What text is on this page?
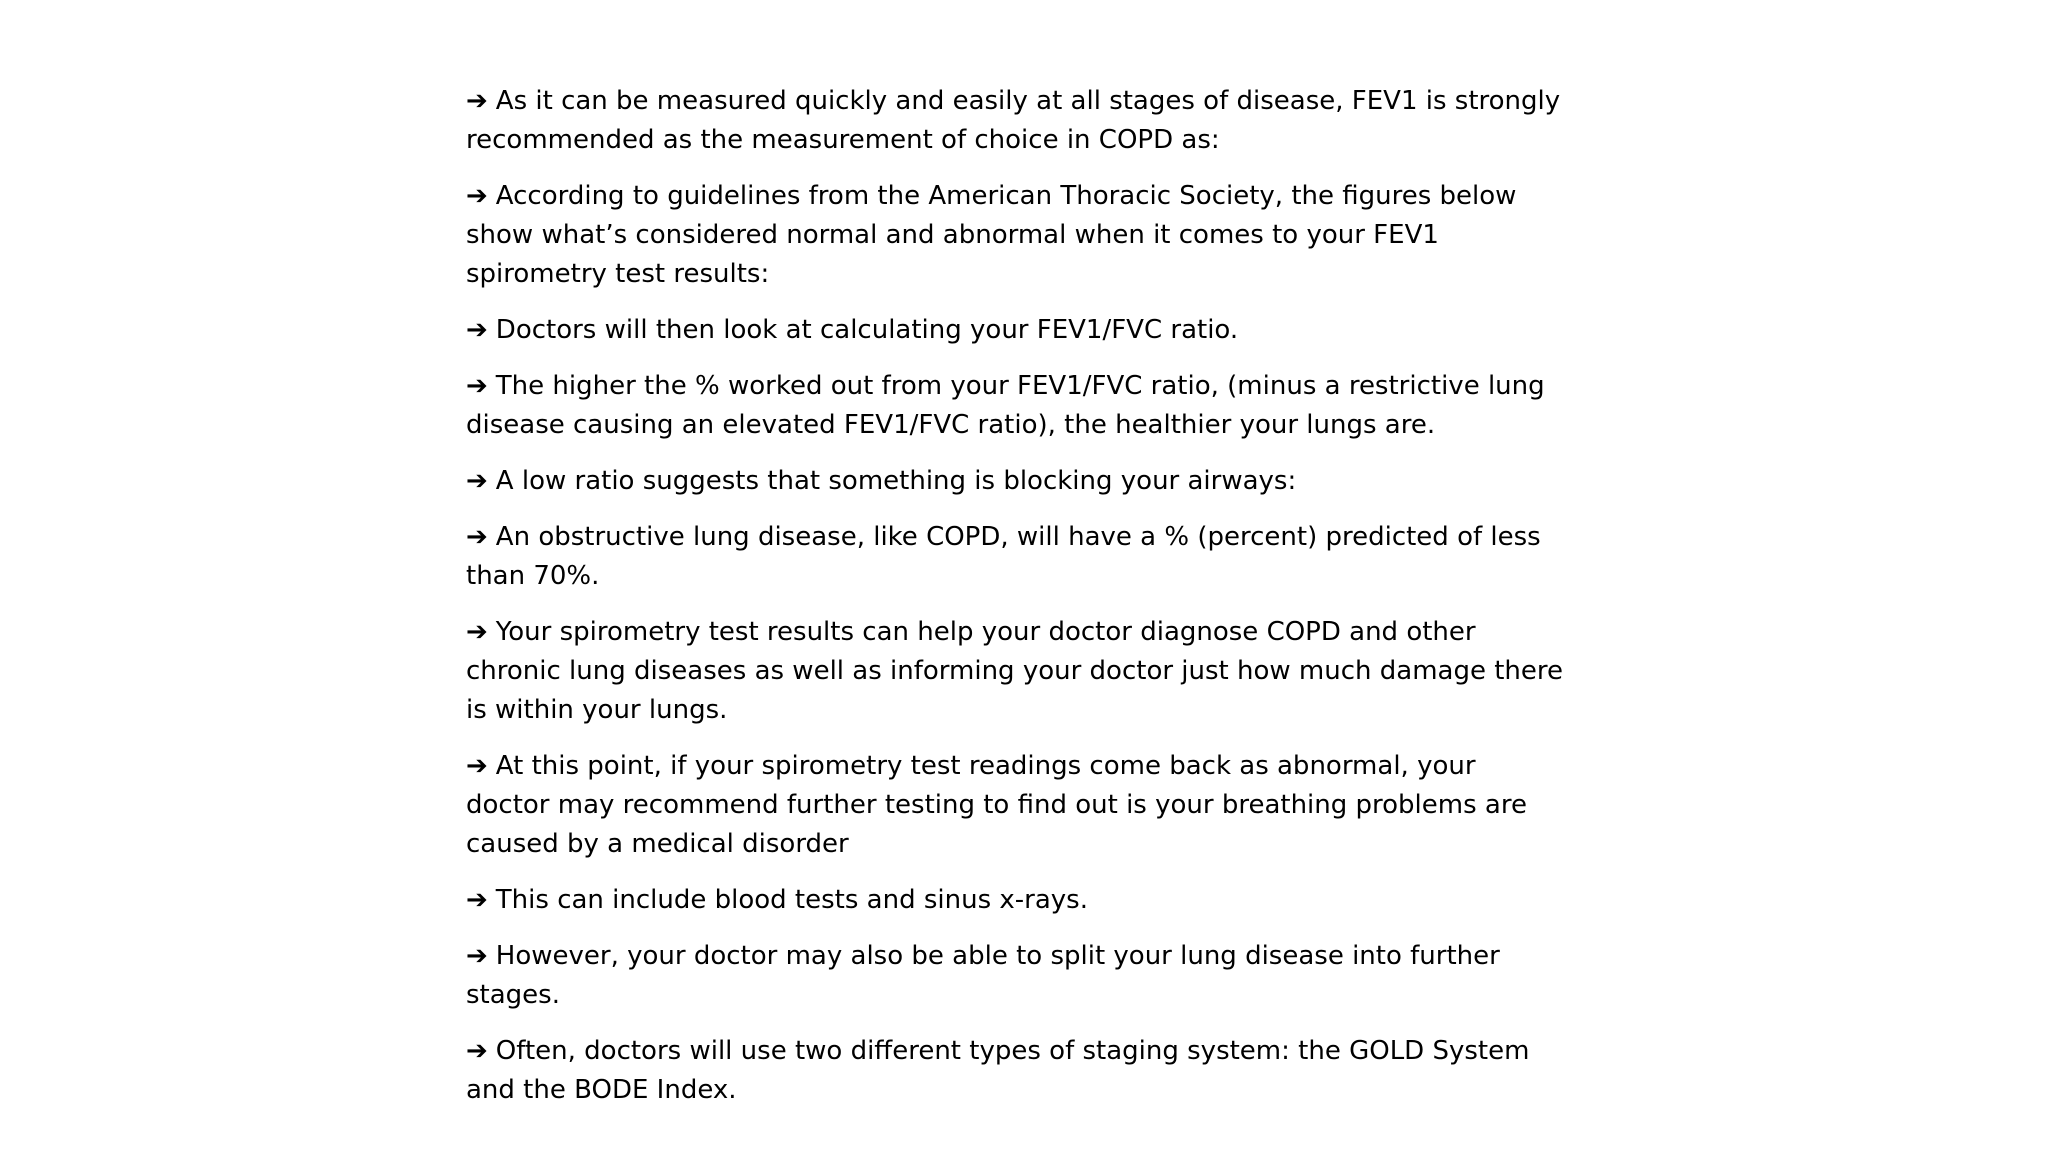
➔ As it can be measured quickly and easily at all stages of disease, FEV1 is strongly recommended as the measurement of choice in COPD as:
➔ According to guidelines from the American Thoracic Society, the figures below show what’s considered normal and abnormal when it comes to your FEV1 spirometry test results:
➔ Doctors will then look at calculating your FEV1/FVC ratio.
➔ The higher the % worked out from your FEV1/FVC ratio, (minus a restrictive lung disease causing an elevated FEV1/FVC ratio), the healthier your lungs are.
➔ A low ratio suggests that something is blocking your airways:
➔ An obstructive lung disease, like COPD, will have a % (percent) predicted of less than 70%.
➔ Your spirometry test results can help your doctor diagnose COPD and other chronic lung diseases as well as informing your doctor just how much damage there is within your lungs.
➔ At this point, if your spirometry test readings come back as abnormal, your doctor may recommend further testing to find out is your breathing problems are caused by a medical disorder
➔ This can include blood tests and sinus x-rays.
➔ However, your doctor may also be able to split your lung disease into further stages.
➔ Often, doctors will use two different types of staging system: the GOLD System and the BODE Index.
